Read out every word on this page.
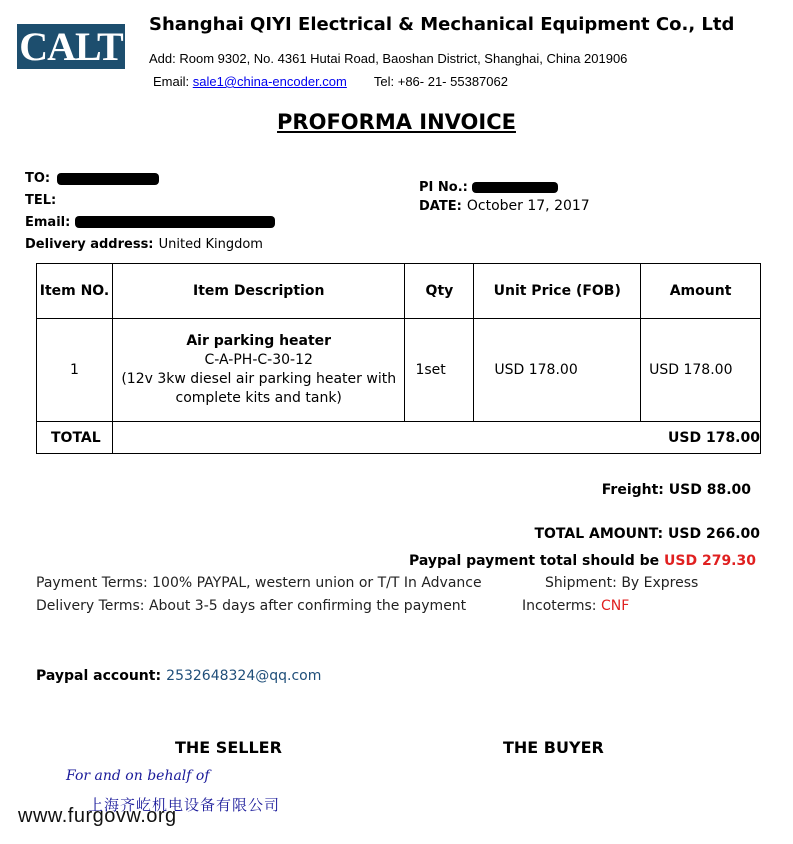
CALT Shanghai QIYI Electrical & Mechanical Equipment Co., Ltd
Add: Room 9302, No. 4361 Hutai Road, Baoshan District, Shanghai, China 201906
Email: sale1@china-encoder.com Tel: +86- 21- 55387062
PROFORMA INVOICE
TO:
TEL:
Email:
Delivery address: United Kingdom
PI No.:
DATE: October 17, 2017
Item NO.	Item Description	Qty	Unit Price (FOB)	Amount
1	Air parking heater
C-A-PH-C-30-12
(12v 3kw diesel air parking heater with complete kits and tank)	1set	USD 178.00	USD 178.00
TOTAL	USD 178.00			
Freight: USD 88.00
TOTAL AMOUNT: USD 266.00
Paypal payment total should be USD 279.30
Payment Terms: 100% PAYPAL, western union or T/T In Advance	Shipment: By Express
Delivery Terms: About 3-5 days after confirming the payment	Incoterms: CNF
Paypal account: 2532648324@qq.com
THE SELLER	THE BUYER
For and on behalf of
上海齐屹机电设备有限公司
www.furgovw.org
